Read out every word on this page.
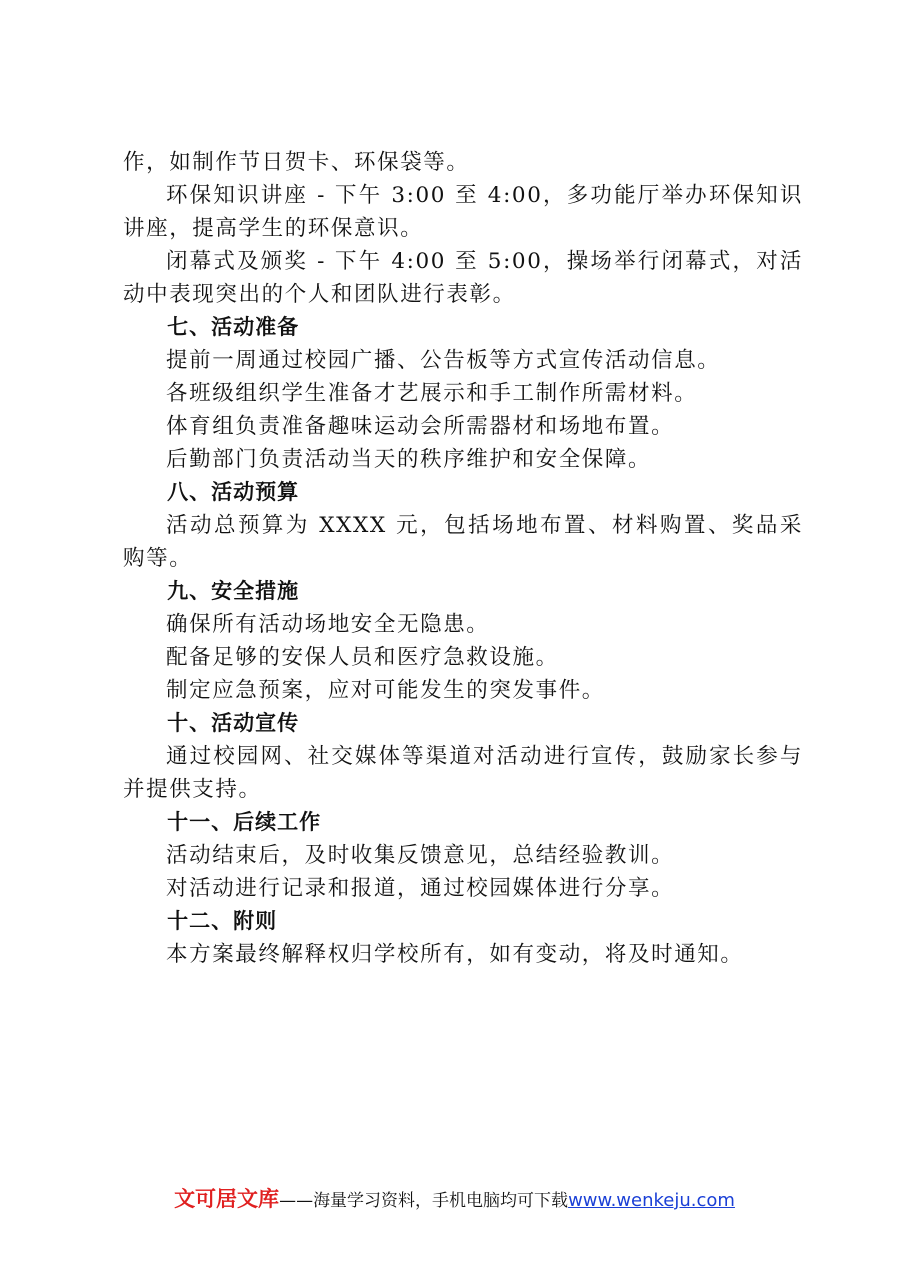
作，如制作节日贺卡、环保袋等。

环保知识讲座 - 下午 3:00 至 4:00，多功能厅举办环保知识讲座，提高学生的环保意识。

闭幕式及颁奖 - 下午 4:00 至 5:00，操场举行闭幕式，对活动中表现突出的个人和团队进行表彰。

七、活动准备

提前一周通过校园广播、公告板等方式宣传活动信息。

各班级组织学生准备才艺展示和手工制作所需材料。

体育组负责准备趣味运动会所需器材和场地布置。

后勤部门负责活动当天的秩序维护和安全保障。

八、活动预算

活动总预算为 XXXX 元，包括场地布置、材料购置、奖品采购等。

九、安全措施

确保所有活动场地安全无隐患。

配备足够的安保人员和医疗急救设施。

制定应急预案，应对可能发生的突发事件。

十、活动宣传

通过校园网、社交媒体等渠道对活动进行宣传，鼓励家长参与并提供支持。

十一、后续工作

活动结束后，及时收集反馈意见，总结经验教训。

对活动进行记录和报道，通过校园媒体进行分享。

十二、附则

本方案最终解释权归学校所有，如有变动，将及时通知。

文可居文库——海量学习资料，手机电脑均可下载www.wenkeju.com
